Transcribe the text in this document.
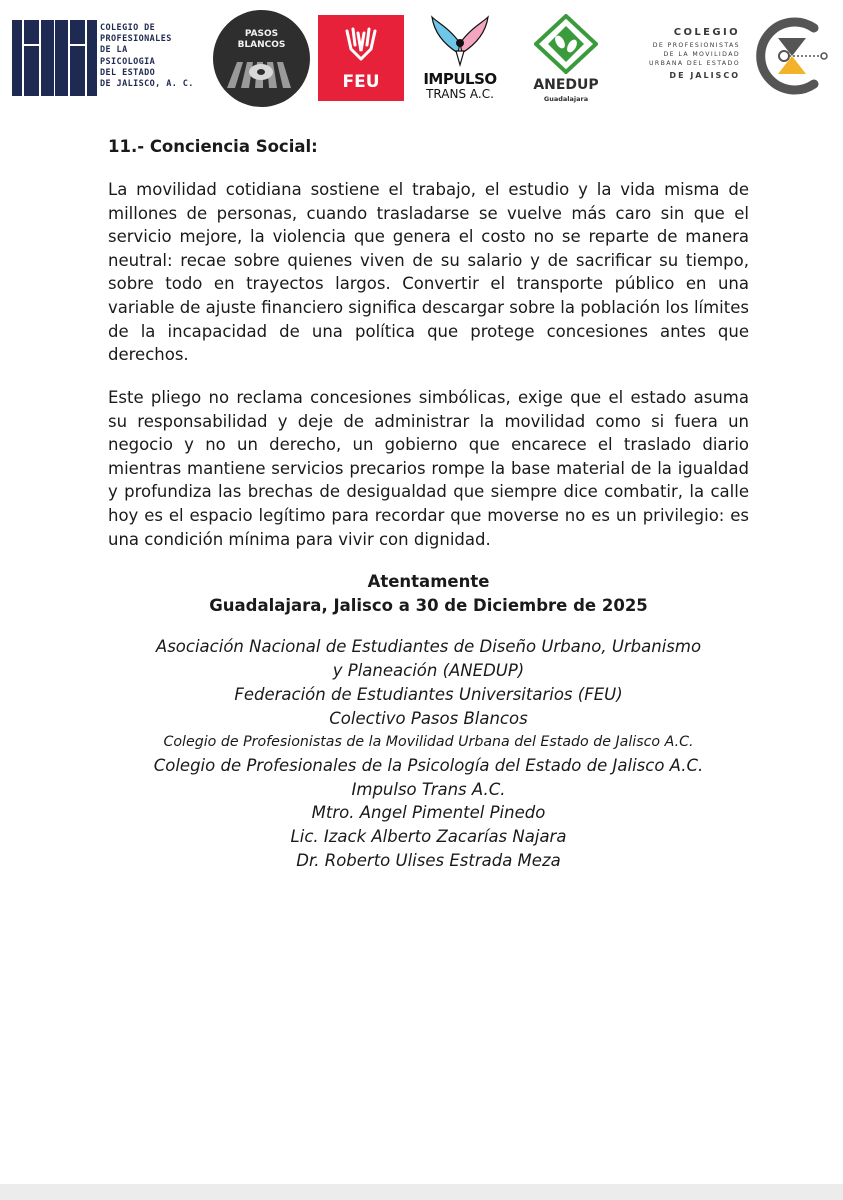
COLEGIO DE
PROFESIONALES
DE LA
PSICOLOGIA
DEL ESTADO
DE JALISCO, A. C.
PASOS
BLANCOS
FEU	IMPULSO
TRANS A.C.
ANEDUP
Guadalajara
COLEGIO
DE PROFESIONISTAS
DE LA MOVILIDAD
URBANA DEL ESTADO
DE JALISCO
11.- Conciencia Social:

La movilidad cotidiana sostiene el trabajo, el estudio y la vida misma de millones de personas, cuando trasladarse se vuelve más caro sin que el servicio mejore, la violencia que genera el costo no se reparte de manera neutral: recae sobre quienes viven de su salario y de sacrificar su tiempo, sobre todo en trayectos largos. Convertir el transporte público en una variable de ajuste financiero significa descargar sobre la población los límites de la incapacidad de una política que protege concesiones antes que derechos.

Este pliego no reclama concesiones simbólicas, exige que el estado asuma su responsabilidad y deje de administrar la movilidad como si fuera un negocio y no un derecho, un gobierno que encarece el traslado diario mientras mantiene servicios precarios rompe la base material de la igualdad y profundiza las brechas de desigualdad que siempre dice combatir, la calle hoy es el espacio legítimo para recordar que moverse no es un privilegio: es una condición mínima para vivir con dignidad.

Atentamente
Guadalajara, Jalisco a 30 de Diciembre de 2025

Asociación Nacional de Estudiantes de Diseño Urbano, Urbanismo

y Planeación (ANEDUP)

Federación de Estudiantes Universitarios (FEU)

Colectivo Pasos Blancos

Colegio de Profesionistas de la Movilidad Urbana del Estado de Jalisco A.C.

Colegio de Profesionales de la Psicología del Estado de Jalisco A.C.

Impulso Trans A.C.

Mtro. Angel Pimentel Pinedo

Lic. Izack Alberto Zacarías Najara

Dr. Roberto Ulises Estrada Meza
